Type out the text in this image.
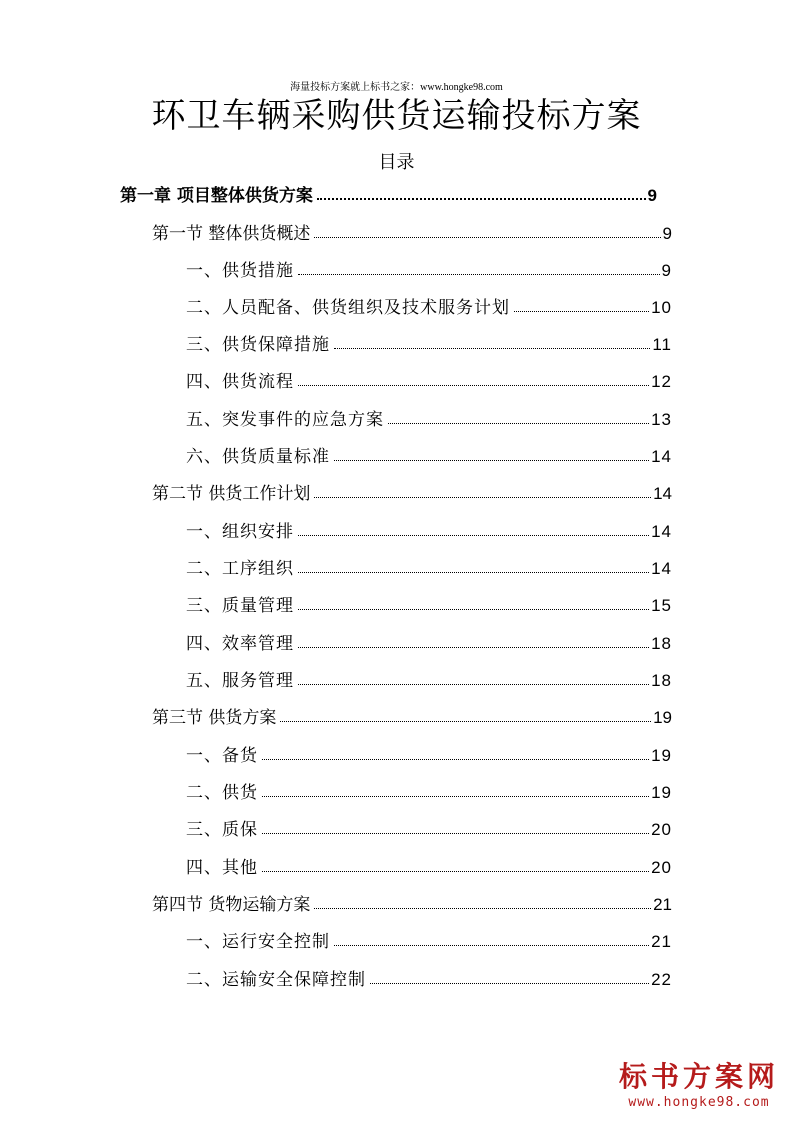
海量投标方案就上标书之家：www.hongke98.com
环卫车辆采购供货运输投标方案
目录
第一章 项目整体供货方案	9
第一节 整体供货概述	9
一、供货措施	9
二、人员配备、供货组织及技术服务计划	10
三、供货保障措施	11
四、供货流程	12
五、突发事件的应急方案	13
六、供货质量标准	14
第二节 供货工作计划	14
一、组织安排	14
二、工序组织	14
三、质量管理	15
四、效率管理	18
五、服务管理	18
第三节 供货方案	19
一、备货	19
二、供货	19
三、质保	20
四、其他	20
第四节 货物运输方案	21
一、运行安全控制	21
二、运输安全保障控制	22
标书方案网
www.hongke98.com
